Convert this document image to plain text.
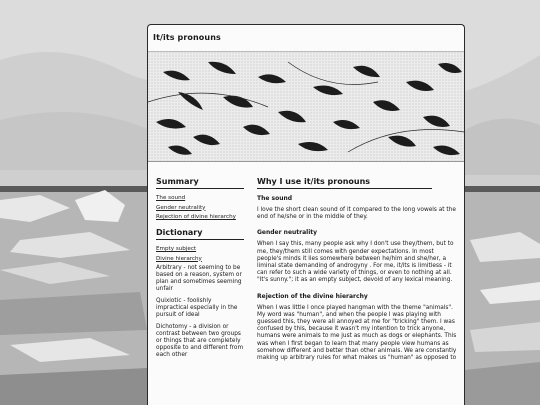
It/its pronouns
Summary
The sound
Gender neutrality
Rejection of divine hierarchy
Dictionary
Empty subject
Divine hierarchy

Arbitrary - not seeming to be based on a reason, system or plan and sometimes seeming unfair

Quixiotic - foolishly impractical especially in the pursuit of ideal

Dichotomy - a division or contrast between two groups or things that are completely opposite to and different from each other

Why I use it/its pronouns
The sound

I love the short clean sound of it compared to the long vowels at the end of he/she or in the middle of they.

Gender neutrality

When I say this, many people ask why I don't use they/them, but to me, they/them still comes with gender expectations. In most people's minds it lies somewhere between he/him and she/her, a liminal state demanding of androgyny . For me, it/its is limitless - it can refer to such a wide variety of things, or even to nothing at all. "It's sunny."; it as an empty subject, devoid of any lexical meaning.

Rejection of the divine hierarchy

When I was little I once played hangman with the theme "animals". My word was "human", and when the people I was playing with guessed this, they were all annoyed at me for "tricking" them. I was confused by this, because it wasn't my intention to trick anyone, humans were animals to me just as much as dogs or elephants. This was when I first began to learn that many people view humans as somehow different and better than other animals. We are constantly making up arbitrary rules for what makes us "human" as opposed to
